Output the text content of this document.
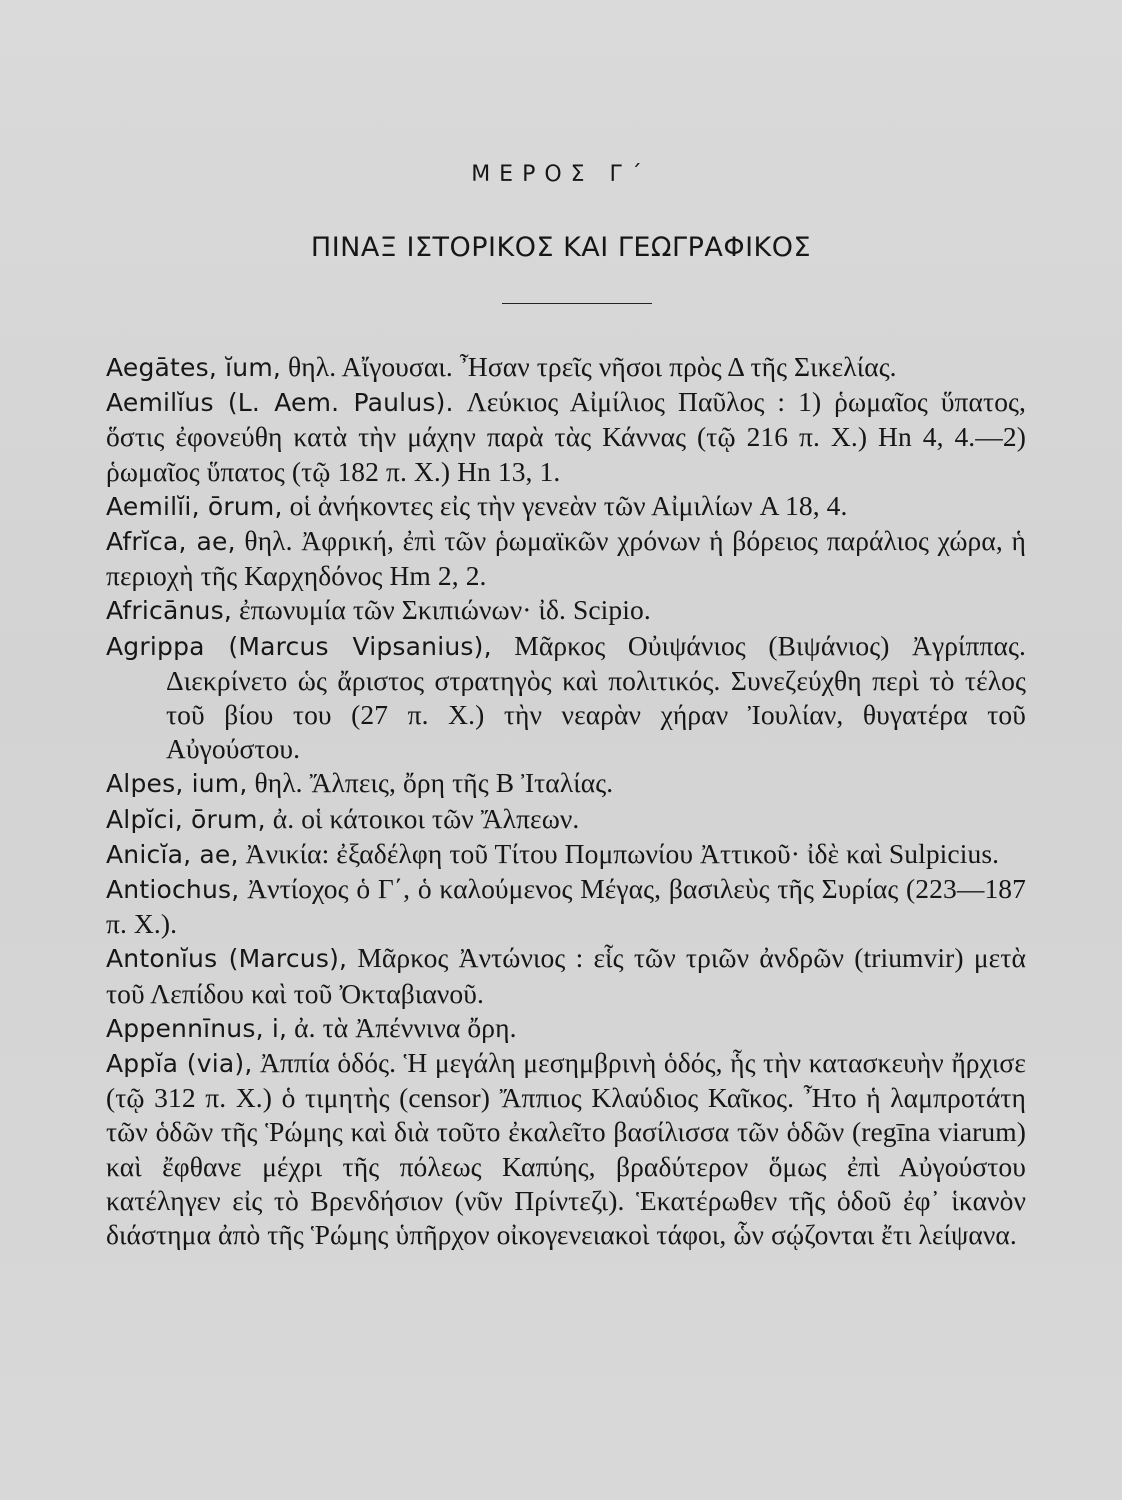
ΜΕΡΟΣ Γ΄
ΠΙΝΑΞ ΙΣΤΟΡΙΚΟΣ ΚΑΙ ΓΕΩΓΡΑΦΙΚΟΣ

Aegātes, ĭum, θηλ. Αἴγουσαι. Ἦσαν τρεῖς νῆσοι πρὸς Δ τῆς Σικελίας.

Aemilĭus (L. Aem. Paulus). Λεύκιος Αἰμίλιος Παῦλος : 1) ῥωμαῖος ὕπατος, ὅστις ἐφονεύθη κατὰ τὴν μάχην παρὰ τὰς Κάννας (τῷ 216 π. Χ.) Hn 4, 4.—2) ῥωμαῖος ὕπατος (τῷ 182 π. Χ.) Hn 13, 1.

Aemilĭi, ōrum, οἱ ἀνήκοντες εἰς τὴν γενεὰν τῶν Αἰμιλίων A 18, 4.

Afrĭca, ae, θηλ. Ἀφρική, ἐπὶ τῶν ῥωμαϊκῶν χρόνων ἡ βόρειος παράλιος χώρα, ἡ περιοχὴ τῆς Καρχηδόνος Hm 2, 2.

Africānus, ἐπωνυμία τῶν Σκιπιώνων· ἰδ. Scipio.

Agrippa (Marcus Vipsanius), Μᾶρκος Οὐιψάνιος (Βιψάνιος) Ἀγρίππας. Διεκρίνετο ὡς ἄριστος στρατηγὸς καὶ πολιτικός. Συνεζεύχθη περὶ τὸ τέλος τοῦ βίου του (27 π. Χ.) τὴν νεαρὰν χήραν Ἰουλίαν, θυγατέρα τοῦ Αὐγούστου.

Alpes, ium, θηλ. Ἄλπεις, ὄρη τῆς B Ἰταλίας.

Alpĭci, ōrum, ἀ. οἱ κάτοικοι τῶν Ἄλπεων.

Anicĭa, ae, Ἀνικία: ἐξαδέλφη τοῦ Τίτου Πομπωνίου Ἀττικοῦ· ἰδὲ καὶ Sulpicius.

Antiochus, Ἀντίοχος ὁ Γ΄, ὁ καλούμενος Μέγας, βασιλεὺς τῆς Συρίας (223—187 π. Χ.).

Antonĭus (Marcus), Μᾶρκος Ἀντώνιος : εἷς τῶν τριῶν ἀνδρῶν (triumvir) μετὰ τοῦ Λεπίδου καὶ τοῦ Ὀκταβιανοῦ.

Appennīnus, i, ἀ. τὰ Ἀπέννινα ὄρη.

Appĭa (via), Ἀππία ὁδός. Ἡ μεγάλη μεσημβρινὴ ὁδός, ἧς τὴν κατασκευὴν ἤρχισε (τῷ 312 π. Χ.) ὁ τιμητὴς (censor) Ἄππιος Κλαύδιος Καῖκος. Ἦτο ἡ λαμπροτάτη τῶν ὁδῶν τῆς Ῥώμης καὶ διὰ τοῦτο ἐκαλεῖτο βασίλισσα τῶν ὁδῶν (regīna viarum) καὶ ἔφθανε μέχρι τῆς πόλεως Καπύης, βραδύτερον ὅμως ἐπὶ Αὐγούστου κατέληγεν εἰς τὸ Βρενδήσιον (νῦν Πρίντεζι). Ἑκατέρωθεν τῆς ὁδοῦ ἐφ᾽ ἱκανὸν διάστημα ἀπὸ τῆς Ῥώμης ὑπῆρχον οἰκογενειακοὶ τάφοι, ὧν σῴζονται ἔτι λείψανα.
